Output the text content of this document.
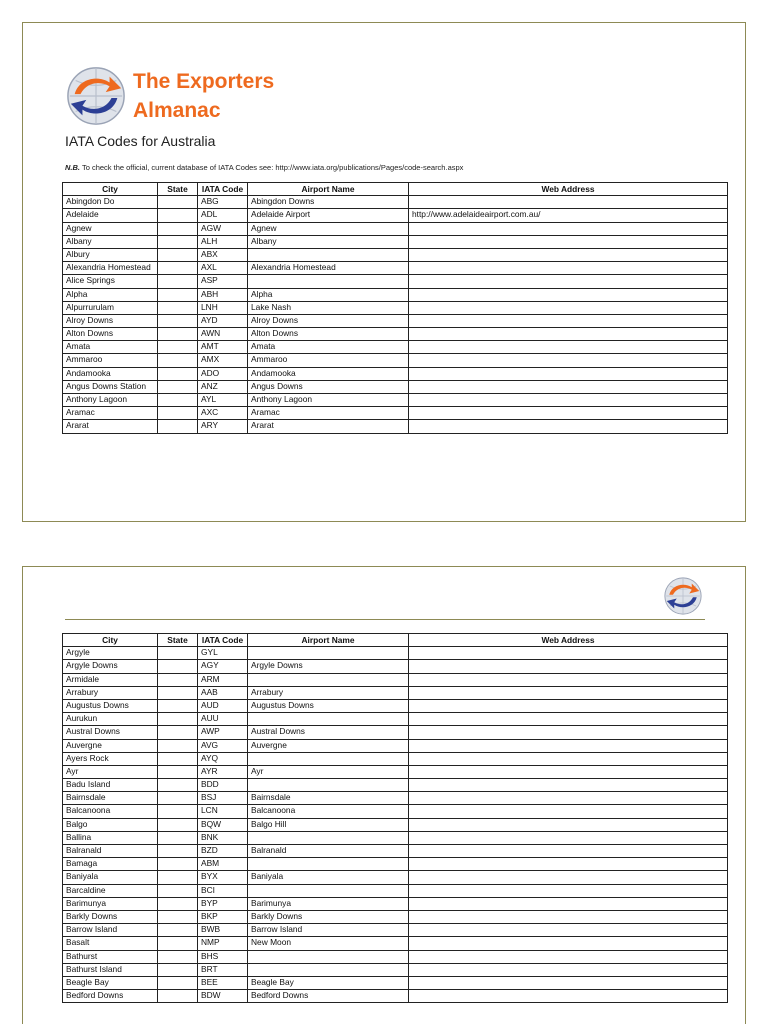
The Exporters
Almanac
IATA Codes for Australia
N.B. To check the official, current database of IATA Codes see: http://www.iata.org/publications/Pages/code-search.aspx
City	State	IATA Code	Airport Name	Web Address
Abingdon Do		ABG	Abingdon Downs	
Adelaide		ADL	Adelaide Airport	http://www.adelaideairport.com.au/
Agnew		AGW	Agnew	
Albany		ALH	Albany	
Albury		ABX		
Alexandria Homestead		AXL	Alexandria Homestead	
Alice Springs		ASP		
Alpha		ABH	Alpha	
Alpurrurulam		LNH	Lake Nash	
Alroy Downs		AYD	Alroy Downs	
Alton Downs		AWN	Alton Downs	
Amata		AMT	Amata	
Ammaroo		AMX	Ammaroo	
Andamooka		ADO	Andamooka	
Angus Downs Station		ANZ	Angus Downs	
Anthony Lagoon		AYL	Anthony Lagoon	
Aramac		AXC	Aramac	
Ararat		ARY	Ararat	
City	State	IATA Code	Airport Name	Web Address
Argyle		GYL		
Argyle Downs		AGY	Argyle Downs	
Armidale		ARM		
Arrabury		AAB	Arrabury	
Augustus Downs		AUD	Augustus Downs	
Aurukun		AUU		
Austral Downs		AWP	Austral Downs	
Auvergne		AVG	Auvergne	
Ayers Rock		AYQ		
Ayr		AYR	Ayr	
Badu Island		BDD		
Bairnsdale		BSJ	Bairnsdale	
Balcanoona		LCN	Balcanoona	
Balgo		BQW	Balgo Hill	
Ballina		BNK		
Balranald		BZD	Balranald	
Bamaga		ABM		
Baniyala		BYX	Baniyala	
Barcaldine		BCI		
Barimunya		BYP	Barimunya	
Barkly Downs		BKP	Barkly Downs	
Barrow Island		BWB	Barrow Island	
Basalt		NMP	New Moon	
Bathurst		BHS		
Bathurst Island		BRT		
Beagle Bay		BEE	Beagle Bay	
Bedford Downs		BDW	Bedford Downs	
